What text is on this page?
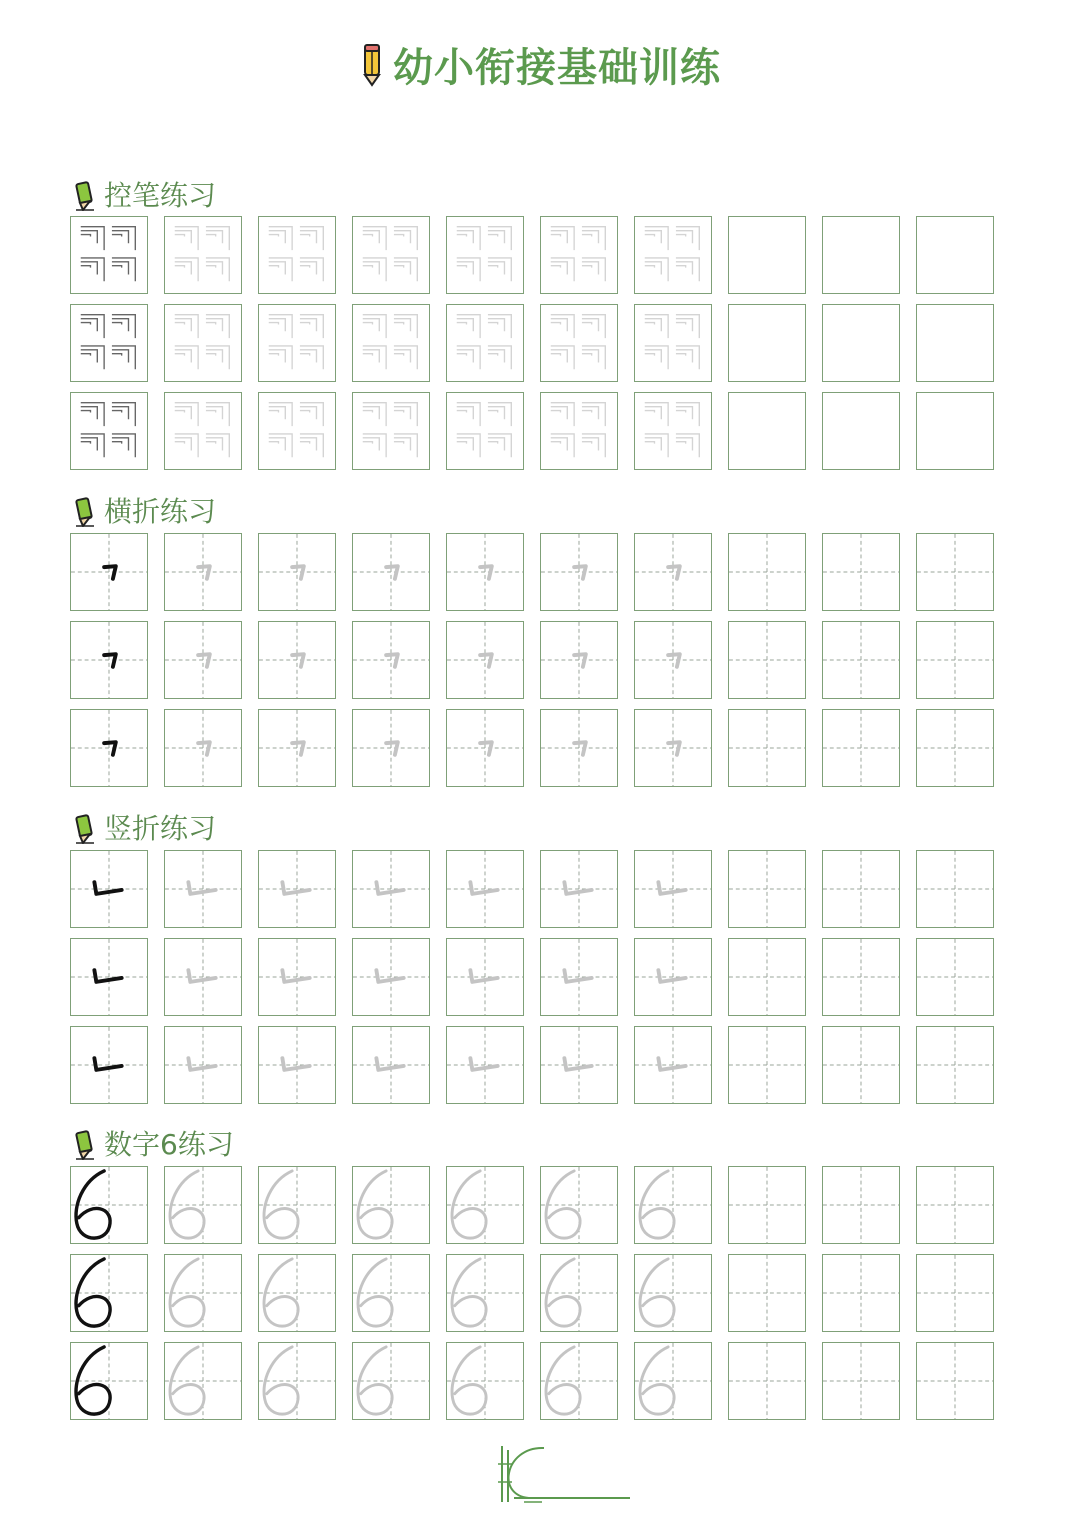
幼小衔接基础训练
控笔练习
横折练习
竖折练习
数字6练习
